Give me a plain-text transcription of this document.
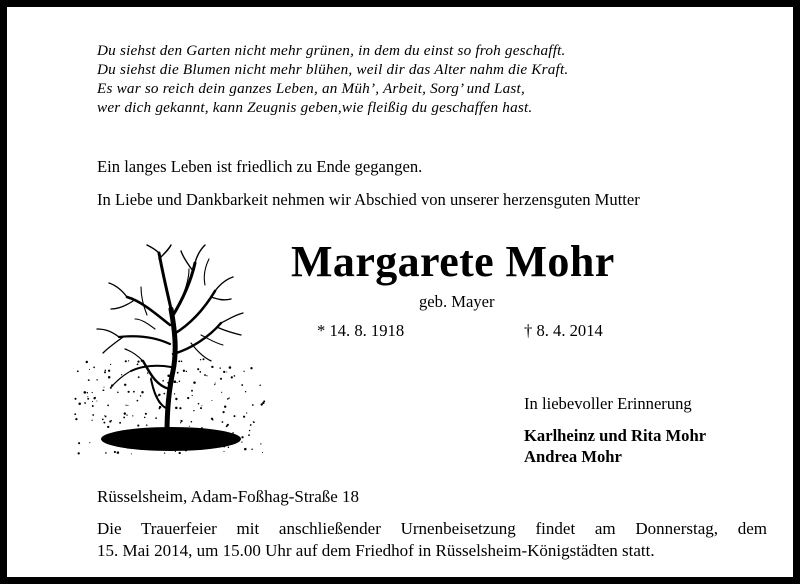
Du siehst den Garten nicht mehr grünen, in dem du einst so froh geschafft.
Du siehst die Blumen nicht mehr blühen, weil dir das Alter nahm die Kraft.
Es war so reich dein ganzes Leben, an Müh’, Arbeit, Sorg’ und Last,
wer dich gekannt, kann Zeugnis geben,wie fleißig du geschaffen hast.
Ein langes Leben ist friedlich zu Ende gegangen.
In Liebe und Dankbarkeit nehmen wir Abschied von unserer herzensguten Mutter
Margarete Mohr
geb. Mayer
* 14. 8. 1918	† 8. 4. 2014
In liebevoller Erinnerung
Karlheinz und Rita Mohr
Andrea Mohr
Rüsselsheim, Adam-Foßhag-Straße 18
Die Trauerfeier mit anschließender Urnenbeisetzung findet am Donnerstag, dem
15. Mai 2014, um 15.00 Uhr auf dem Friedhof in Rüsselsheim-Königstädten statt.
